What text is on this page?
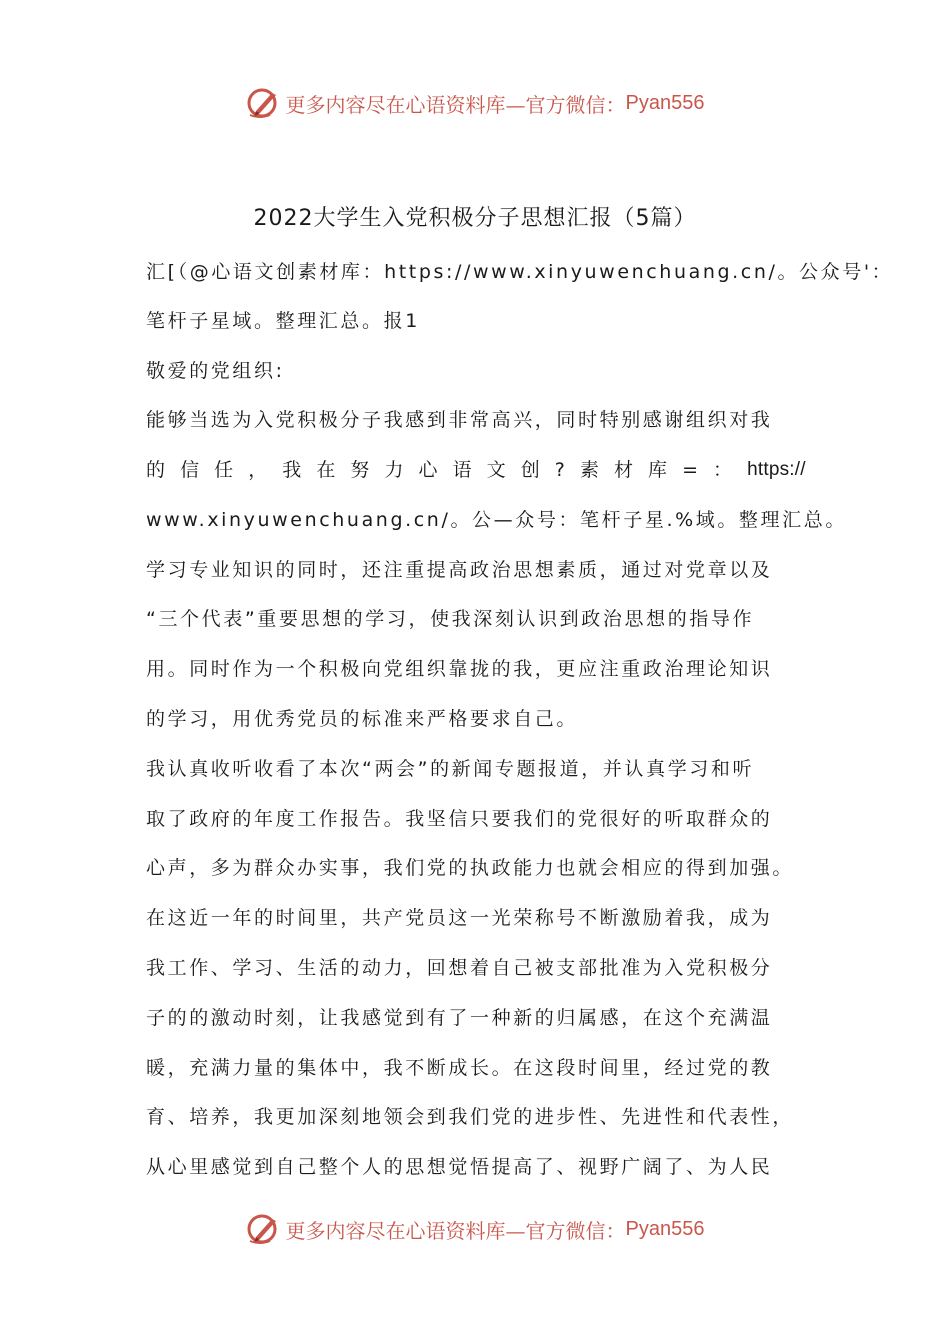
更多内容尽在心语资料库—官方微信： Pyan556
2022大学生入党积极分子思想汇报（5篇）
汇[（@心语文创素材库：https://www.xinyuwenchuang.cn/。公众号'：
笔杆子星域。整理汇总。报1
敬爱的党组织:
能够当选为入党积极分子我感到非常高兴，同时特别感谢组织对我
的 信 任 ， 我 在 努 力 心 语 文 创 ? 素 材 库 = ： https://
www.xinyuwenchuang.cn/。公—众号：笔杆子星.%域。整理汇总。
学习专业知识的同时，还注重提高政治思想素质，通过对党章以及
“三个代表”重要思想的学习，使我深刻认识到政治思想的指导作
用。同时作为一个积极向党组织靠拢的我，更应注重政治理论知识
的学习，用优秀党员的标准来严格要求自己。
我认真收听收看了本次“两会”的新闻专题报道，并认真学习和听
取了政府的年度工作报告。我坚信只要我们的党很好的听取群众的
心声，多为群众办实事，我们党的执政能力也就会相应的得到加强。
在这近一年的时间里，共产党员这一光荣称号不断激励着我，成为
我工作、学习、生活的动力，回想着自己被支部批准为入党积极分
子的的激动时刻，让我感觉到有了一种新的归属感，在这个充满温
暖，充满力量的集体中，我不断成长。在这段时间里，经过党的教
育、培养，我更加深刻地领会到我们党的进步性、先进性和代表性，
从心里感觉到自己整个人的思想觉悟提高了、视野广阔了、为人民
更多内容尽在心语资料库—官方微信： Pyan556
